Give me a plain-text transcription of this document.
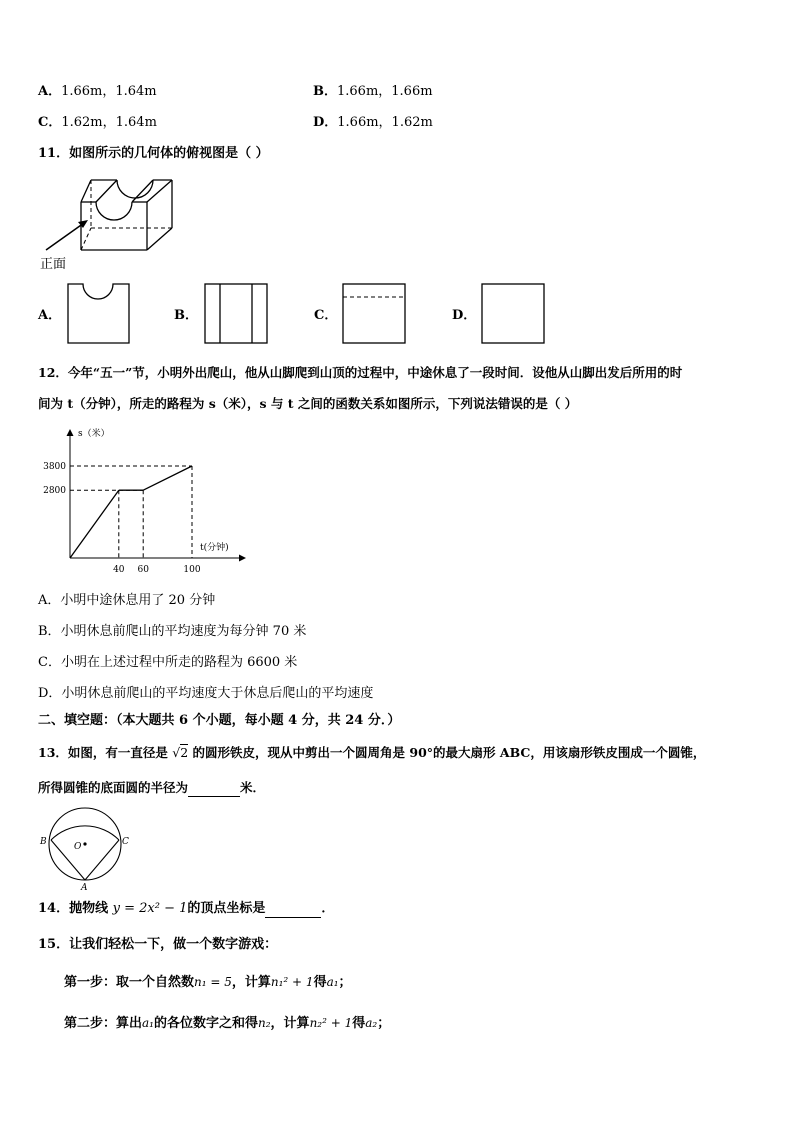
A．1.66m，1.64m	B．1.66m，1.66m
C．1.62m，1.64m	D．1.66m，1.62m
11．如图所示的几何体的俯视图是（ ）
正面
A．	B．	C．	D．
12．今年“五一”节，小明外出爬山，他从山脚爬到山顶的过程中，中途休息了一段时间．设他从山脚出发后所用的时
间为 t（分钟），所走的路程为 s（米），s 与 t 之间的函数关系如图所示，下列说法错误的是（ ）
s（米）
t(分钟)
3800
2800
40 60	100
A．小明中途休息用了 20 分钟
B．小明休息前爬山的平均速度为每分钟 70 米
C．小明在上述过程中所走的路程为 6600 米
D．小明休息前爬山的平均速度大于休息后爬山的平均速度
二、填空题：（本大题共 6 个小题，每小题 4 分，共 24 分．）
13．如图，有一直径是 √2 的圆形铁皮，现从中剪出一个圆周角是 90°的最大扇形 ABC，用该扇形铁皮围成一个圆锥，
所得圆锥的底面圆的半径为	米．
B	C
A
O
14．抛物线 y = 2x² − 1的顶点坐标是	．
15．让我们轻松一下，做一个数字游戏：
第一步：取一个自然数n₁ = 5，计算n₁² + 1得a₁；
第二步：算出a₁的各位数字之和得n₂，计算n₂² + 1得a₂；
